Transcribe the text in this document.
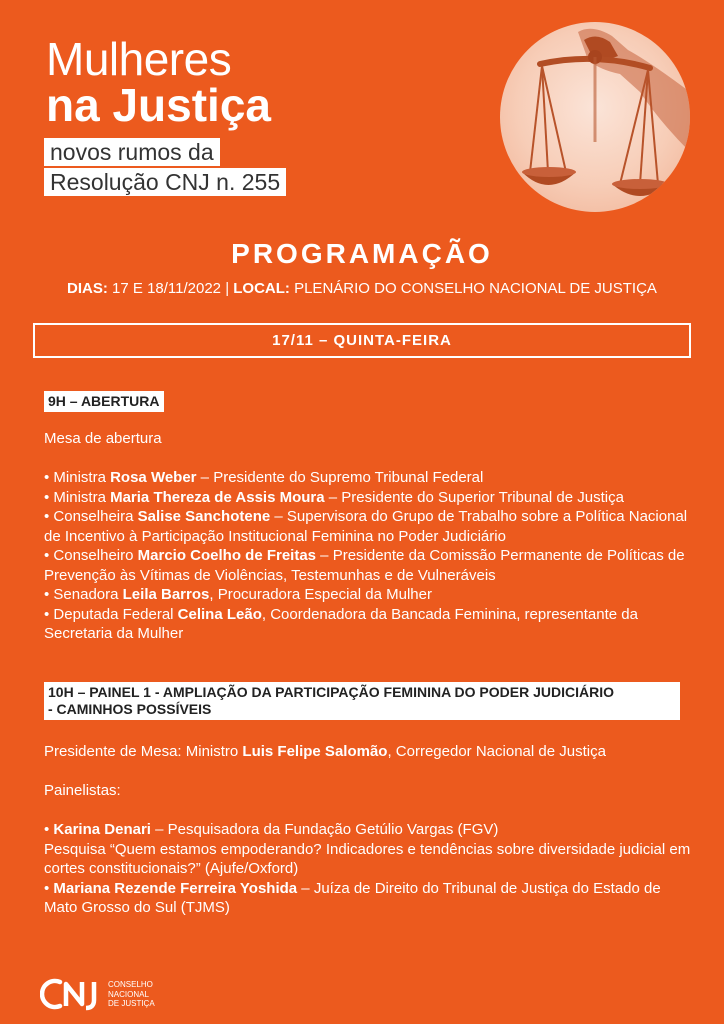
Mulheres
na Justiça
novos rumos da
Resolução CNJ n. 255
PROGRAMAÇÃO
DIAS: 17 E 18/11/2022 | LOCAL: PLENÁRIO DO CONSELHO NACIONAL DE JUSTIÇA
17/11 – QUINTA-FEIRA
9H – ABERTURA

Mesa de abertura

• Ministra Rosa Weber – Presidente do Supremo Tribunal Federal

• Ministra Maria Thereza de Assis Moura – Presidente do Superior Tribunal de Justiça

• Conselheira Salise Sanchotene – Supervisora do Grupo de Trabalho sobre a Política Nacional de Incentivo à Participação Institucional Feminina no Poder Judiciário

• Conselheiro Marcio Coelho de Freitas – Presidente da Comissão Permanente de Políticas de Prevenção às Vítimas de Violências, Testemunhas e de Vulneráveis

• Senadora Leila Barros, Procuradora Especial da Mulher

• Deputada Federal Celina Leão, Coordenadora da Bancada Feminina, representante da Secretaria da Mulher

10H – PAINEL 1 - AMPLIAÇÃO DA PARTICIPAÇÃO FEMININA DO PODER JUDICIÁRIO
- CAMINHOS POSSÍVEIS

Presidente de Mesa: Ministro Luis Felipe Salomão, Corregedor Nacional de Justiça

Painelistas:

• Karina Denari – Pesquisadora da Fundação Getúlio Vargas (FGV)

Pesquisa “Quem estamos empoderando? Indicadores e tendências sobre diversidade judicial em cortes constitucionais?” (Ajufe/Oxford)

• Mariana Rezende Ferreira Yoshida – Juíza de Direito do Tribunal de Justiça do Estado de Mato Grosso do Sul (TJMS)

CONSELHO
NACIONAL
DE JUSTIÇA
